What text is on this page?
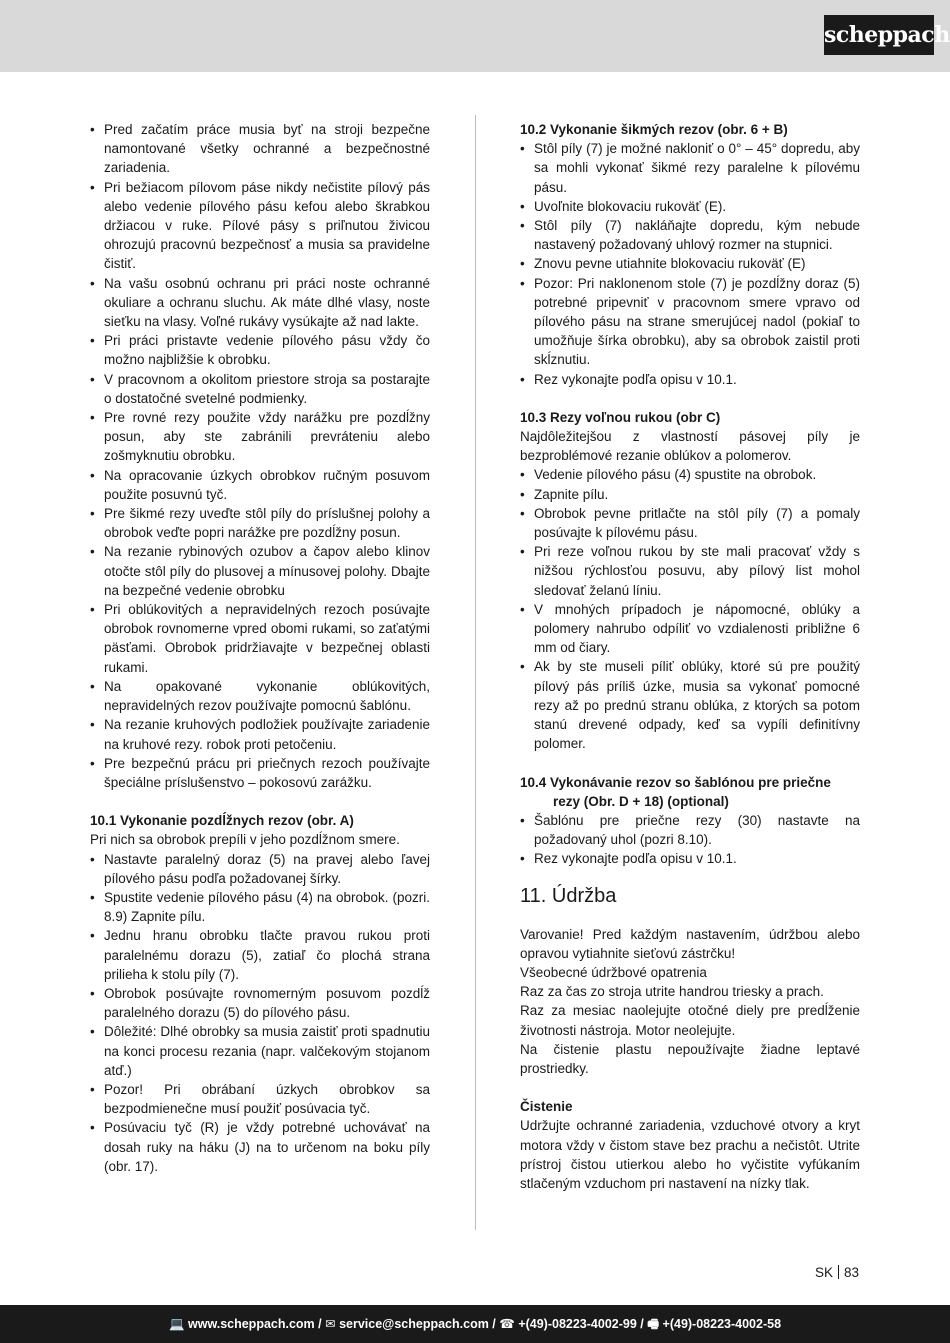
scheppach
• Pred začatím práce musia byť na stroji bezpečne namontované všetky ochranné a bezpečnostné zariadenia.
• Pri bežiacom pílovom páse nikdy nečistite pílový pás alebo vedenie pílového pásu kefou alebo škrabkou držiacou v ruke. Pílové pásy s priľnutou živicou ohrozujú pracovnú bezpečnosť a musia sa pravidelne čistiť.
• Na vašu osobnú ochranu pri práci noste ochranné okuliare a ochranu sluchu. Ak máte dlhé vlasy, noste sieťku na vlasy. Voľné rukávy vysúkajte až nad lakte.
• Pri práci pristavte vedenie pílového pásu vždy čo možno najbližšie k obrobku.
• V pracovnom a okolitom priestore stroja sa postarajte o dostatočné svetelné podmienky.
• Pre rovné rezy použite vždy narážku pre pozdĺžny posun, aby ste zabránili prevráteniu alebo zošmyknutiu obrobku.
• Na opracovanie úzkych obrobkov ručným posuvom použite posuvnú tyč.
• Pre šikmé rezy uveďte stôl píly do príslušnej polohy a obrobok veďte popri narážke pre pozdĺžny posun.
• Na rezanie rybinových ozubov a čapov alebo klinov otočte stôl píly do plusovej a mínusovej polohy. Dbajte na bezpečné vedenie obrobku
• Pri oblúkovitých a nepravidelných rezoch posúvajte obrobok rovnomerne vpred obomi rukami, so zaťatými päsťami. Obrobok pridržiavajte v bezpečnej oblasti rukami.
• Na opakované vykonanie oblúkovitých, nepravidelných rezov používajte pomocnú šablónu.
• Na rezanie kruhových podložiek používajte zariadenie na kruhové rezy. robok proti petočeniu.
• Pre bezpečnú prácu pri priečnych rezoch používajte špeciálne príslušenstvo – pokosovú zarážku.
10.1 Vykonanie pozdĺžnych rezov (obr. A)

Pri nich sa obrobok prepíli v jeho pozdĺžnom smere.

• Nastavte paralelný doraz (5) na pravej alebo ľavej pílového pásu podľa požadovanej šírky.
• Spustite vedenie pílového pásu (4) na obrobok. (pozri. 8.9) Zapnite pílu.
• Jednu hranu obrobku tlačte pravou rukou proti paralelnému dorazu (5), zatiaľ čo plochá strana prilieha k stolu píly (7).
• Obrobok posúvajte rovnomerným posuvom pozdĺž paralelného dorazu (5) do pílového pásu.
• Dôležité: Dlhé obrobky sa musia zaistiť proti spadnutiu na konci procesu rezania (napr. valčekovým stojanom atď.)
• Pozor! Pri obrábaní úzkych obrobkov sa bezpodmienečne musí použiť posúvacia tyč.
• Posúvaciu tyč (R) je vždy potrebné uchovávať na dosah ruky na háku (J) na to určenom na boku píly (obr. 17).
10.2 Vykonanie šikmých rezov (obr. 6 + B)
• Stôl píly (7) je možné nakloniť o 0° – 45° dopredu, aby sa mohli vykonať šikmé rezy paralelne k pílovému pásu.
• Uvoľnite blokovaciu rukoväť (E).
• Stôl píly (7) nakláňajte dopredu, kým nebude nastavený požadovaný uhlový rozmer na stupnici.
• Znovu pevne utiahnite blokovaciu rukoväť (E)
• Pozor: Pri naklonenom stole (7) je pozdĺžny doraz (5) potrebné pripevniť v pracovnom smere vpravo od pílového pásu na strane smerujúcej nadol (pokiaľ to umožňuje šírka obrobku), aby sa obrobok zaistil proti skĺznutiu.
• Rez vykonajte podľa opisu v 10.1.
10.3 Rezy voľnou rukou (obr C)

Najdôležitejšou z vlastností pásovej píly je bezproblémové rezanie oblúkov a polomerov.

• Vedenie pílového pásu (4) spustite na obrobok.
• Zapnite pílu.
• Obrobok pevne pritlačte na stôl píly (7) a pomaly posúvajte k pílovému pásu.
• Pri reze voľnou rukou by ste mali pracovať vždy s nižšou rýchlosťou posuvu, aby pílový list mohol sledovať želanú líniu.
• V mnohých prípadoch je nápomocné, oblúky a polomery nahrubo odpíliť vo vzdialenosti približne 6 mm od čiary.
• Ak by ste museli píliť oblúky, ktoré sú pre použitý pílový pás príliš úzke, musia sa vykonať pomocné rezy až po prednú stranu oblúka, z ktorých sa potom stanú drevené odpady, keď sa vypíli definitívny polomer.
10.4 Vykonávanie rezov so šablónou pre priečne rezy (Obr. D + 18) (optional)
• Šablónu pre priečne rezy (30) nastavte na požadovaný uhol (pozri 8.10).
• Rez vykonajte podľa opisu v 10.1.
11. Údržba

Varovanie! Pred každým nastavením, údržbou alebo opravou vytiahnite sieťovú zástrčku!

Všeobecné údržbové opatrenia

Raz za čas zo stroja utrite handrou triesky a prach.

Raz za mesiac naolejujte otočné diely pre predĺženie životnosti nástroja. Motor neolejujte.

Na čistenie plastu nepoužívajte žiadne leptavé prostriedky.

Čistenie

Udržujte ochranné zariadenia, vzduchové otvory a kryt motora vždy v čistom stave bez prachu a nečistôt. Utrite prístroj čistou utierkou alebo ho vyčistite vyfúkaním stlačeným vzduchom pri nastavení na nízky tlak.

SK 83
💻 www.scheppach.com / ✉ service@scheppach.com / ☎ +(49)-08223-4002-99 / 🖷 +(49)-08223-4002-58
